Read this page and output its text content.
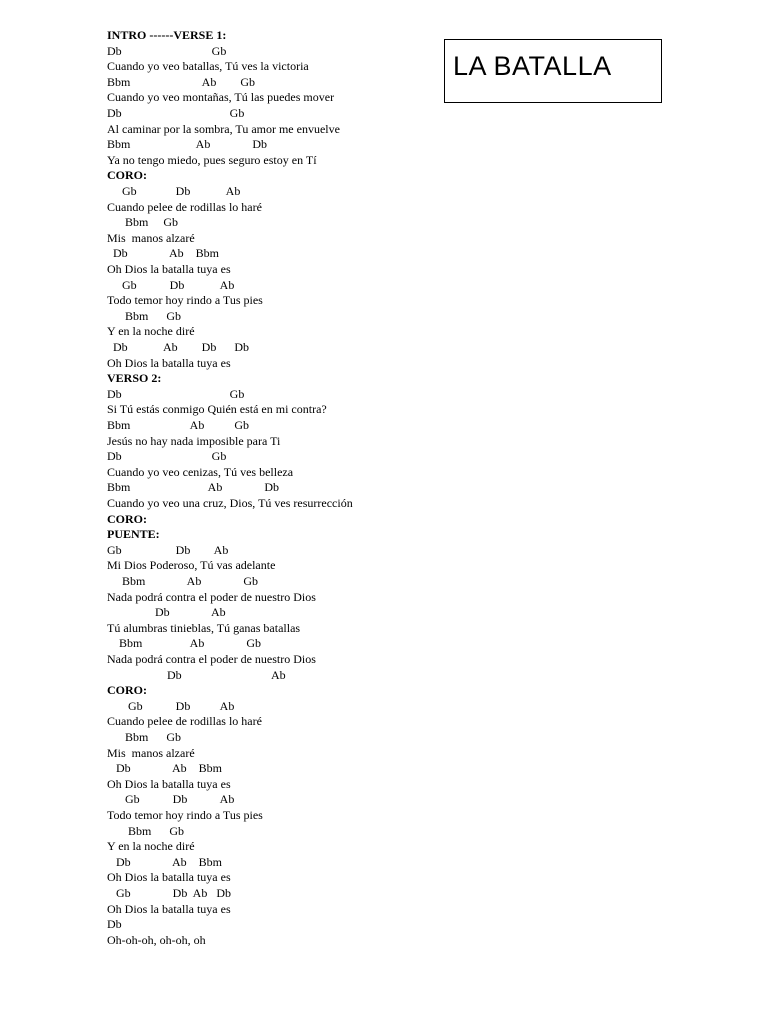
INTRO ------VERSE 1:
Db                              Gb
Cuando yo veo batallas, Tú ves la victoria
Bbm                        Ab        Gb
Cuando yo veo montañas, Tú las puedes mover
Db                                    Gb
Al caminar por la sombra, Tu amor me envuelve
Bbm                      Ab              Db
Ya no tengo miedo, pues seguro estoy en Tí
CORO:
Gb             Db            Ab
Cuando pelee de rodillas lo haré
Bbm     Gb
Mis  manos alzaré
Db              Ab    Bbm
Oh Dios la batalla tuya es
Gb           Db            Ab
Todo temor hoy rindo a Tus pies
Bbm      Gb
Y en la noche diré
Db            Ab        Db      Db
Oh Dios la batalla tuya es
VERSO 2:
Db                                    Gb
Si Tú estás conmigo Quién está en mi contra?
Bbm                    Ab          Gb
Jesús no hay nada imposible para Ti
Db                              Gb
Cuando yo veo cenizas, Tú ves belleza
Bbm                          Ab              Db
Cuando yo veo una cruz, Dios, Tú ves resurrección
CORO:
PUENTE:
Gb                  Db        Ab
Mi Dios Poderoso, Tú vas adelante
Bbm              Ab              Gb
Nada podrá contra el poder de nuestro Dios
Db              Ab
Tú alumbras tinieblas, Tú ganas batallas
Bbm                Ab              Gb
Nada podrá contra el poder de nuestro Dios
Db                              Ab
CORO:
Gb           Db          Ab
Cuando pelee de rodillas lo haré
Bbm      Gb
Mis  manos alzaré
Db              Ab    Bbm
Oh Dios la batalla tuya es
Gb           Db           Ab
Todo temor hoy rindo a Tus pies
Bbm      Gb
Y en la noche diré
Db              Ab    Bbm
Oh Dios la batalla tuya es
Gb              Db  Ab   Db
Oh Dios la batalla tuya es
Db
Oh-oh-oh, oh-oh, oh
LA BATALLA
